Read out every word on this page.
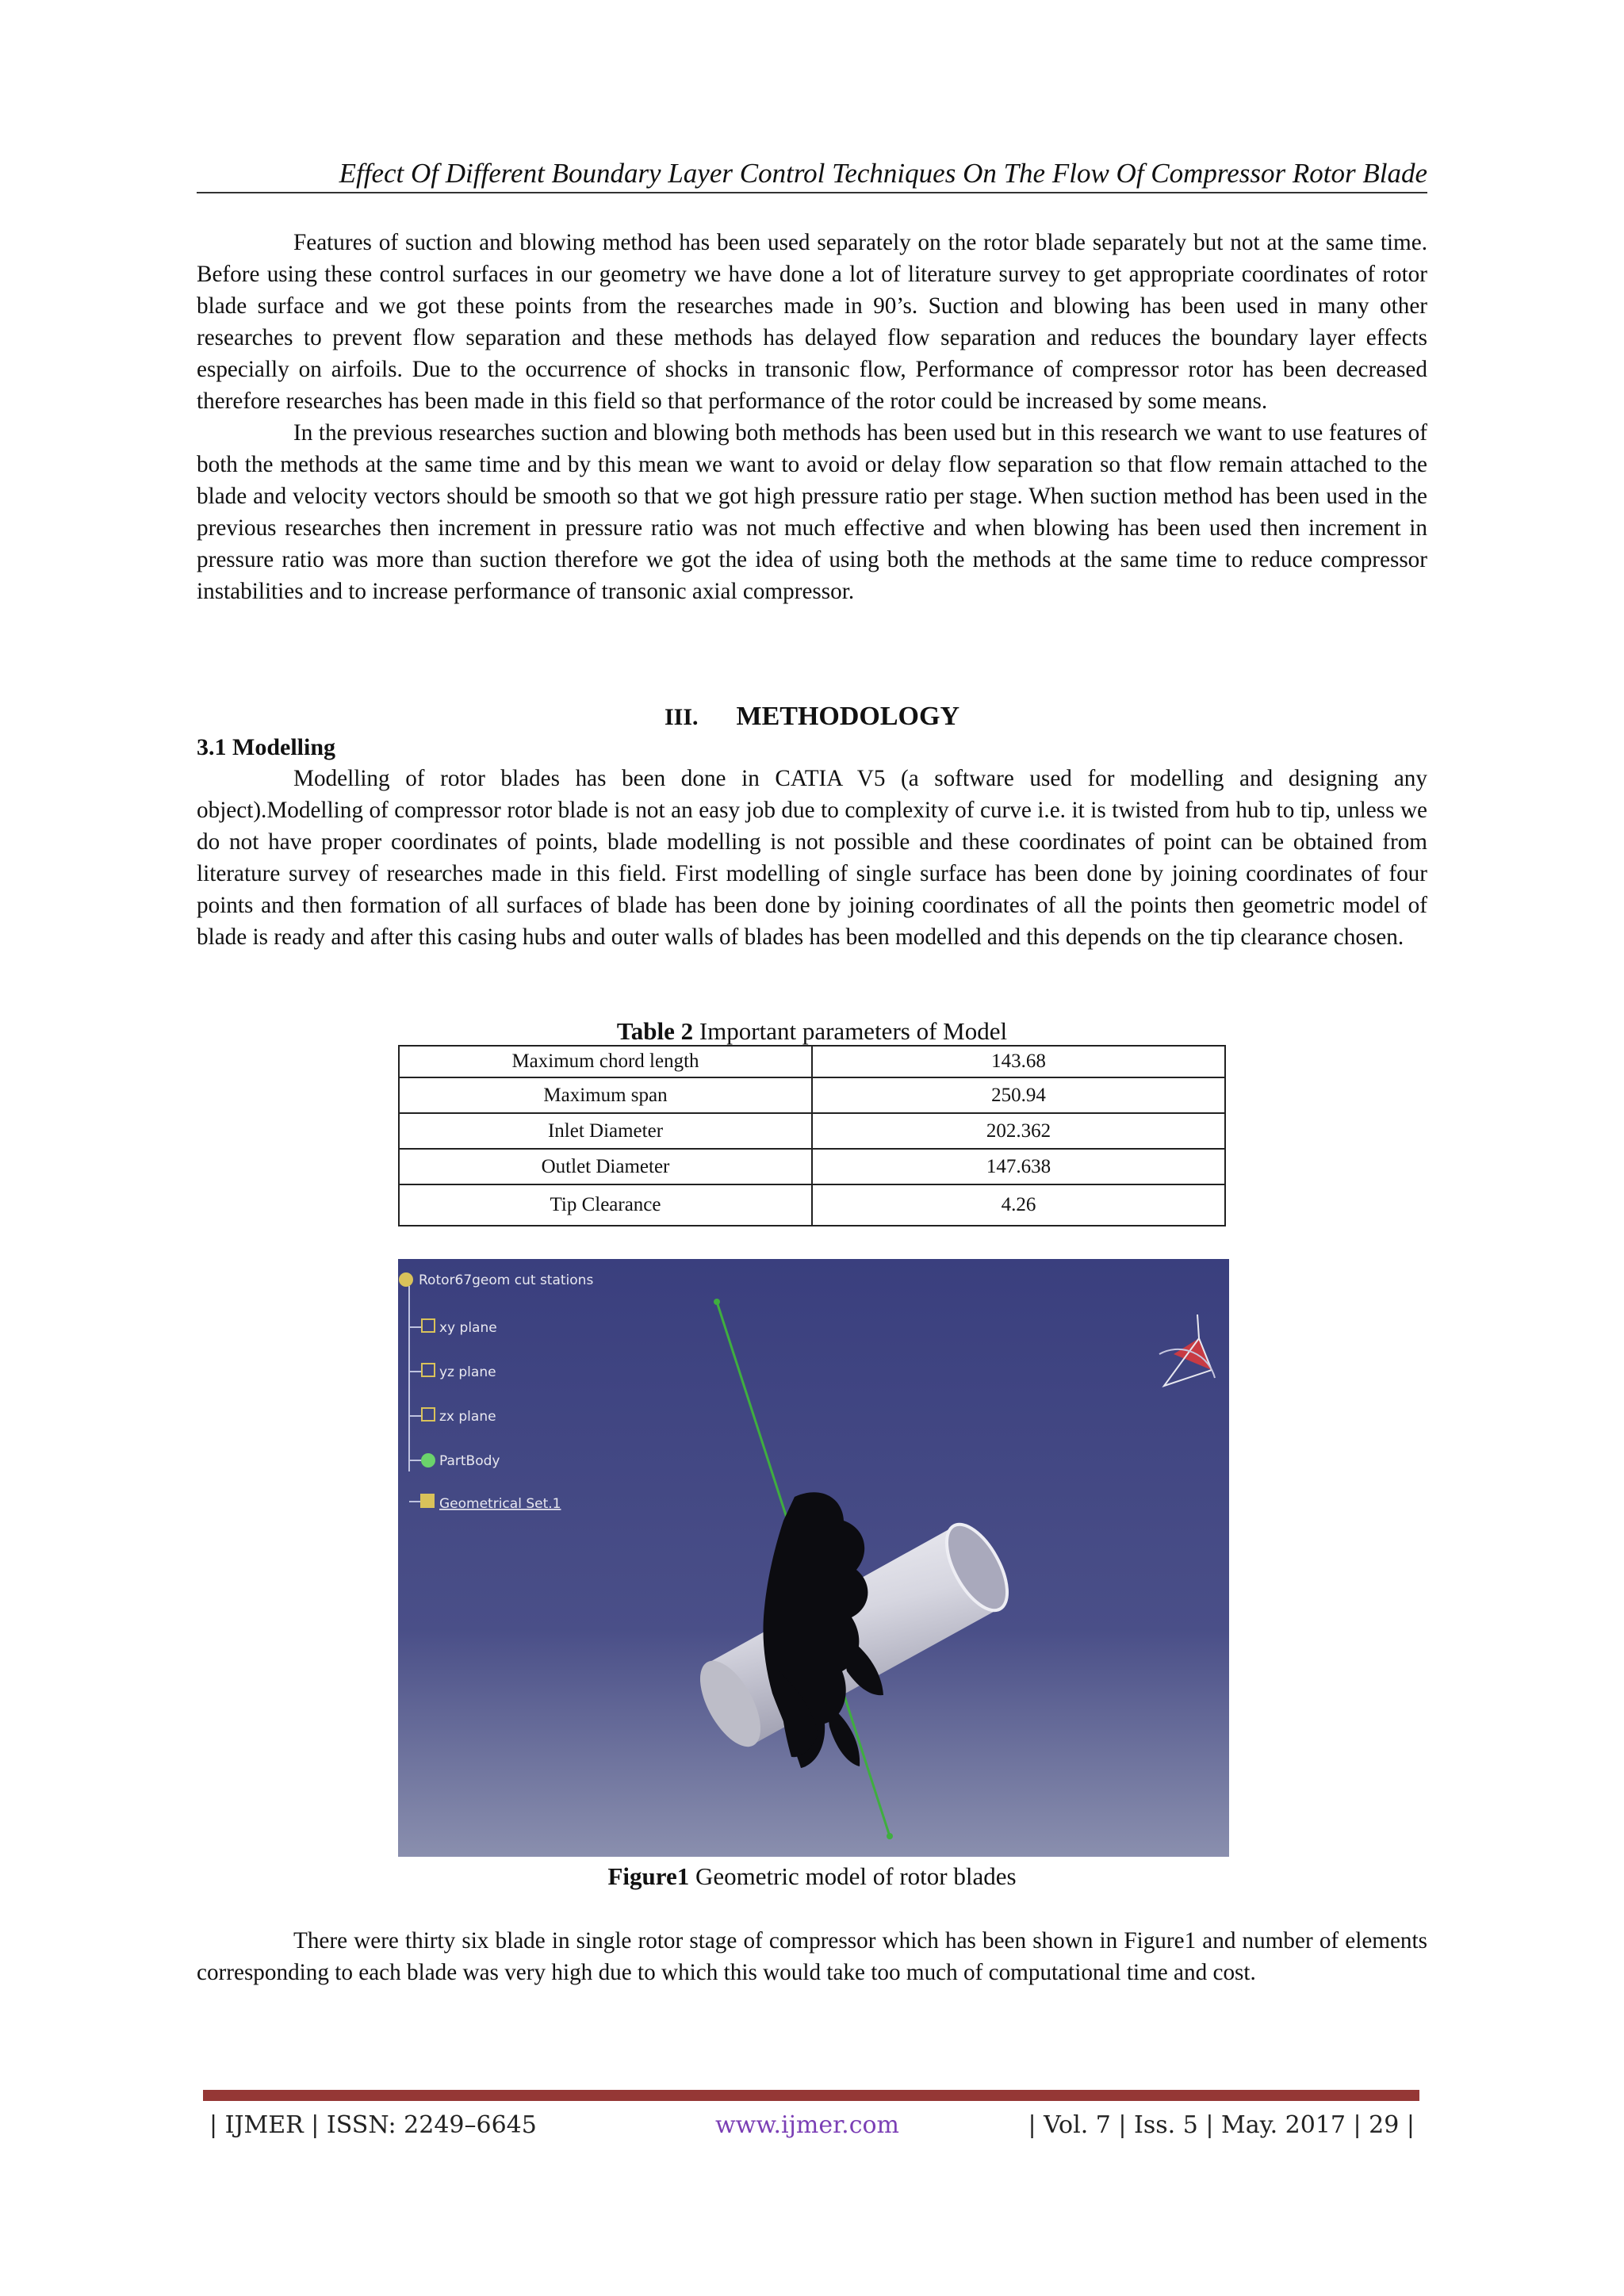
Effect Of Different Boundary Layer Control Techniques On The Flow Of Compressor Rotor Blade

Features of suction and blowing method has been used separately on the rotor blade separately but not at the same time. Before using these control surfaces in our geometry we have done a lot of literature survey to get appropriate coordinates of rotor blade surface and we got these points from the researches made in 90’s. Suction and blowing has been used in many other researches to prevent flow separation and these methods has delayed flow separation and reduces the boundary layer effects especially on airfoils. Due to the occurrence of shocks in transonic flow, Performance of compressor rotor has been decreased therefore researches has been made in this field so that performance of the rotor could be increased by some means.

In the previous researches suction and blowing both methods has been used but in this research we want to use features of both the methods at the same time and by this mean we want to avoid or delay flow separation so that flow remain attached to the blade and velocity vectors should be smooth so that we got high pressure ratio per stage. When suction method has been used in the previous researches then increment in pressure ratio was not much effective and when blowing has been used then increment in pressure ratio was more than suction therefore we got the idea of using both the methods at the same time to reduce compressor instabilities and to increase performance of transonic axial compressor.

III. METHODOLOGY
3.1 Modelling

Modelling of rotor blades has been done in CATIA V5 (a software used for modelling and designing any object).Modelling of compressor rotor blade is not an easy job due to complexity of curve i.e. it is twisted from hub to tip, unless we do not have proper coordinates of points, blade modelling is not possible and these coordinates of point can be obtained from literature survey of researches made in this field. First modelling of single surface has been done by joining coordinates of four points and then formation of all surfaces of blade has been done by joining coordinates of all the points then geometric model of blade is ready and after this casing hubs and outer walls of blades has been modelled and this depends on the tip clearance chosen.

Table 2 Important parameters of Model
Maximum chord length	143.68
Maximum span	250.94
Inlet Diameter	202.362
Outlet Diameter	147.638
Tip Clearance	4.26
Rotor67geom cut stations
xy plane
yz plane
zx plane
PartBody
Geometrical Set.1
Figure1 Geometric model of rotor blades

There were thirty six blade in single rotor stage of compressor which has been shown in Figure1 and number of elements corresponding to each blade was very high due to which this would take too much of computational time and cost.

| IJMER | ISSN: 2249–6645	www.ijmer.com	| Vol. 7 | Iss. 5 | May. 2017 | 29 |
